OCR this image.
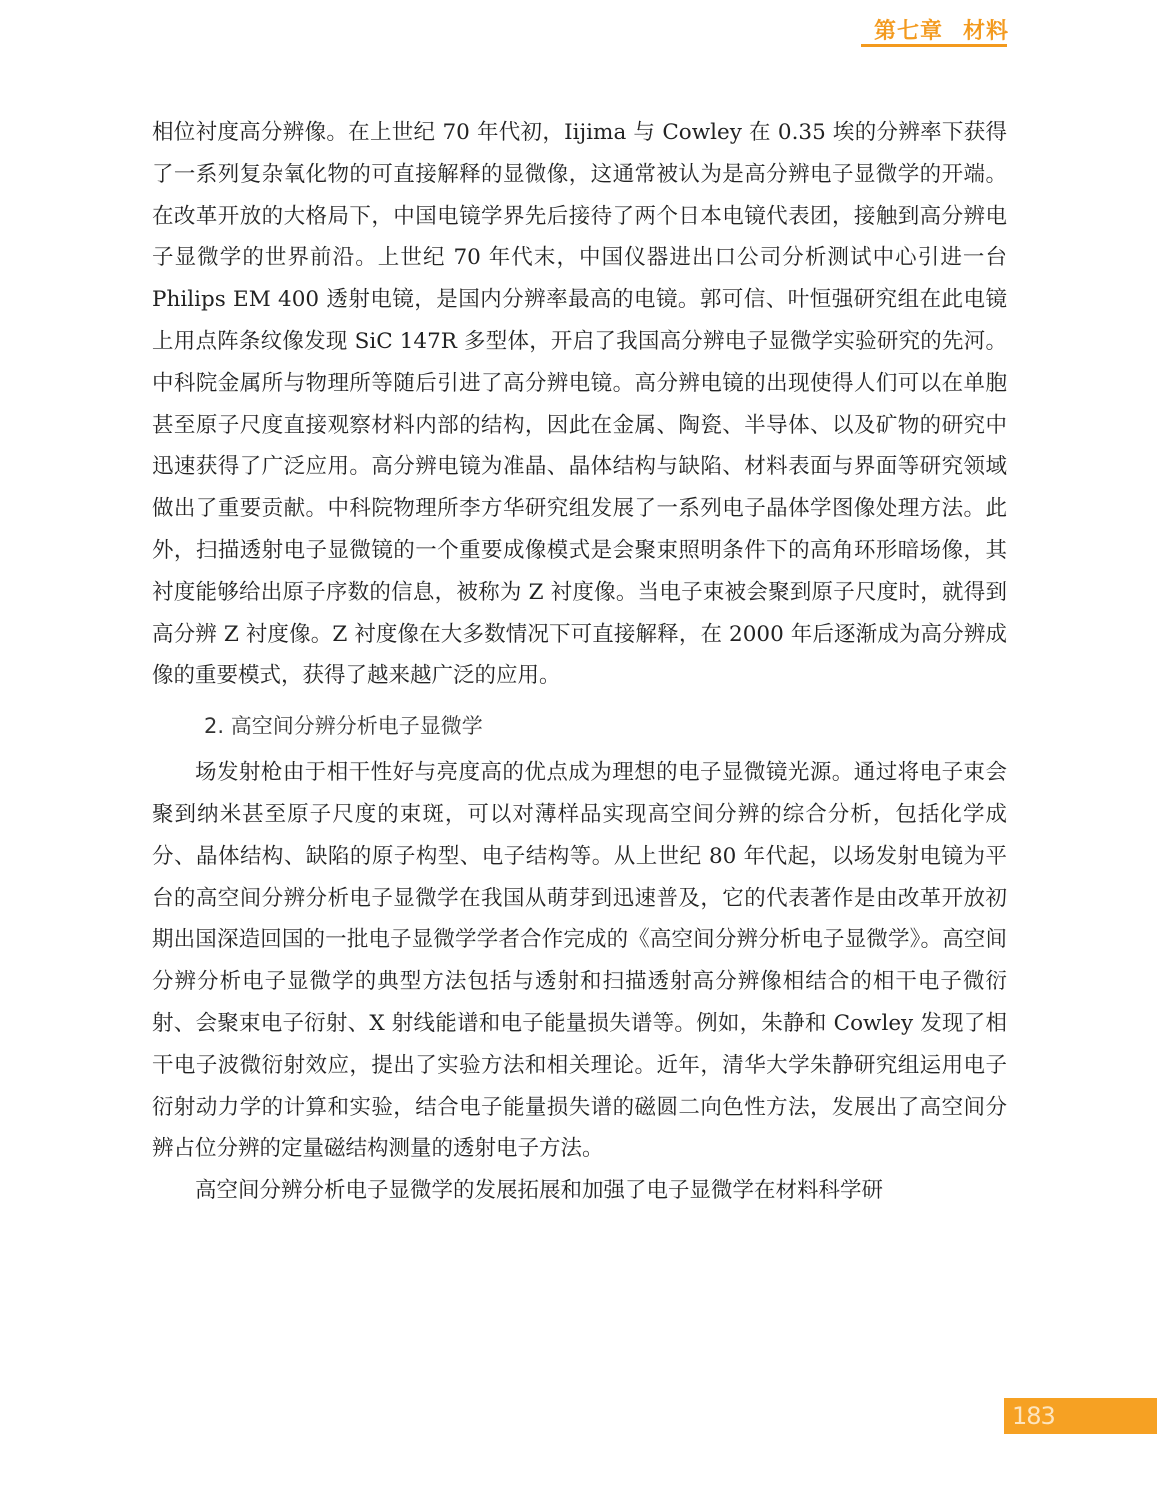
第七章 材料

相位衬度高分辨像。在上世纪 70 年代初，Iijima 与 Cowley 在 0.35 埃的分辨率下获得了一系列复杂氧化物的可直接解释的显微像，这通常被认为是高分辨电子显微学的开端。在改革开放的大格局下，中国电镜学界先后接待了两个日本电镜代表团，接触到高分辨电子显微学的世界前沿。上世纪 70 年代末，中国仪器进出口公司分析测试中心引进一台 Philips EM 400 透射电镜，是国内分辨率最高的电镜。郭可信、叶恒强研究组在此电镜上用点阵条纹像发现 SiC 147R 多型体，开启了我国高分辨电子显微学实验研究的先河。中科院金属所与物理所等随后引进了高分辨电镜。高分辨电镜的出现使得人们可以在单胞甚至原子尺度直接观察材料内部的结构，因此在金属、陶瓷、半导体、以及矿物的研究中迅速获得了广泛应用。高分辨电镜为准晶、晶体结构与缺陷、材料表面与界面等研究领域做出了重要贡献。中科院物理所李方华研究组发展了一系列电子晶体学图像处理方法。此外，扫描透射电子显微镜的一个重要成像模式是会聚束照明条件下的高角环形暗场像，其衬度能够给出原子序数的信息，被称为 Z 衬度像。当电子束被会聚到原子尺度时，就得到高分辨 Z 衬度像。Z 衬度像在大多数情况下可直接解释，在 2000 年后逐渐成为高分辨成像的重要模式，获得了越来越广泛的应用。

2. 高空间分辨分析电子显微学

场发射枪由于相干性好与亮度高的优点成为理想的电子显微镜光源。通过将电子束会聚到纳米甚至原子尺度的束斑，可以对薄样品实现高空间分辨的综合分析，包括化学成分、晶体结构、缺陷的原子构型、电子结构等。从上世纪 80 年代起，以场发射电镜为平台的高空间分辨分析电子显微学在我国从萌芽到迅速普及，它的代表著作是由改革开放初期出国深造回国的一批电子显微学学者合作完成的《高空间分辨分析电子显微学》。高空间分辨分析电子显微学的典型方法包括与透射和扫描透射高分辨像相结合的相干电子微衍射、会聚束电子衍射、X 射线能谱和电子能量损失谱等。例如，朱静和 Cowley 发现了相干电子波微衍射效应，提出了实验方法和相关理论。近年，清华大学朱静研究组运用电子衍射动力学的计算和实验，结合电子能量损失谱的磁圆二向色性方法，发展出了高空间分辨占位分辨的定量磁结构测量的透射电子方法。

高空间分辨分析电子显微学的发展拓展和加强了电子显微学在材料科学研

183
